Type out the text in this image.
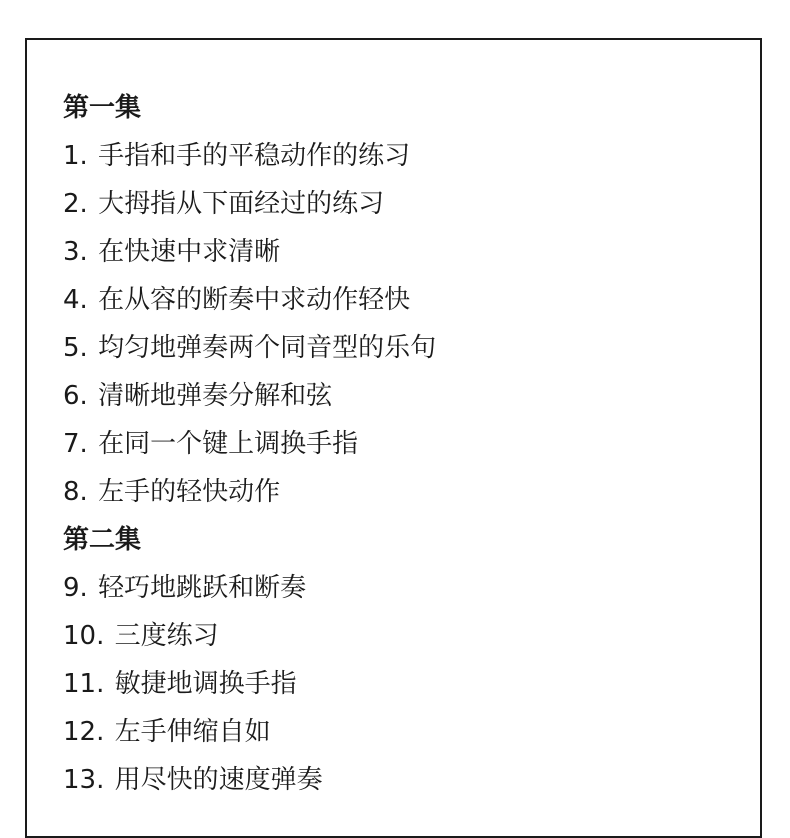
第一集
1. 手指和手的平稳动作的练习
2. 大拇指从下面经过的练习
3. 在快速中求清晰
4. 在从容的断奏中求动作轻快
5. 均匀地弹奏两个同音型的乐句
6. 清晰地弹奏分解和弦
7. 在同一个键上调换手指
8. 左手的轻快动作
第二集
9. 轻巧地跳跃和断奏
10. 三度练习
11. 敏捷地调换手指
12. 左手伸缩自如
13. 用尽快的速度弹奏
